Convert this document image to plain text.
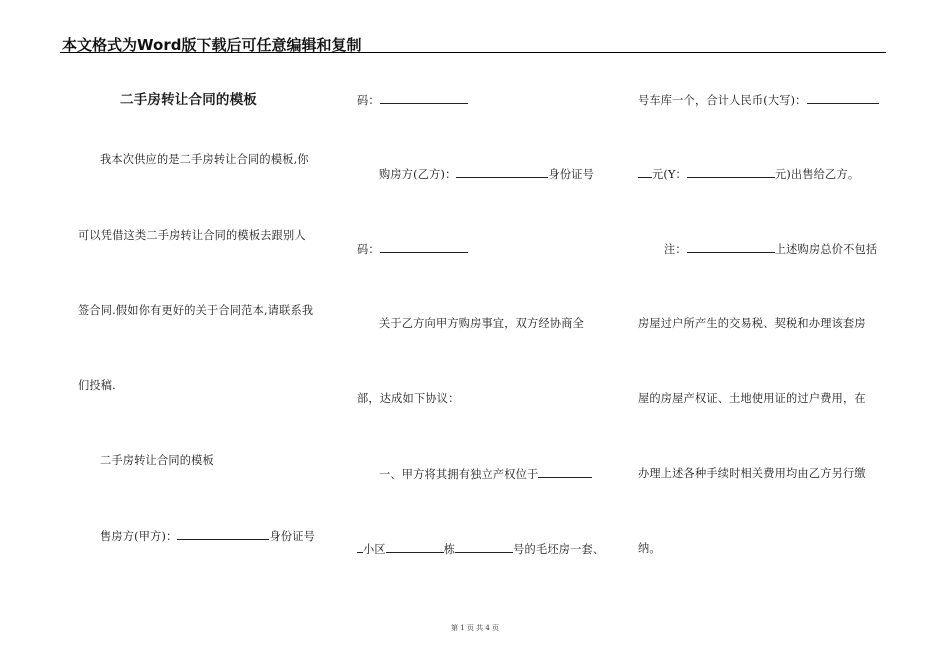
本文格式为Word版下载后可任意编辑和复制
二手房转让合同的模板
我本次供应的是二手房转让合同的模板,你
可以凭借这类二手房转让合同的模板去跟别人
签合同.假如你有更好的关于合同范本,请联系我
们投稿.
二手房转让合同的模板
售房方(甲方)：	身份证号
码：
购房方(乙方)：	身份证号
码：
关于乙方向甲方购房事宜，双方经协商全
部，达成如下协议：
一、甲方将其拥有独立产权位于
小区	栋	号的毛坯房一套、
号车库一个，合计人民币(大写)：
元(Y：	元)出售给乙方。
注：	上述购房总价不包括
房屋过户所产生的交易税、契税和办理该套房
屋的房屋产权证、土地使用证的过户费用，在
办理上述各种手续时相关费用均由乙方另行缴
纳。
第 1 页 共 4 页
